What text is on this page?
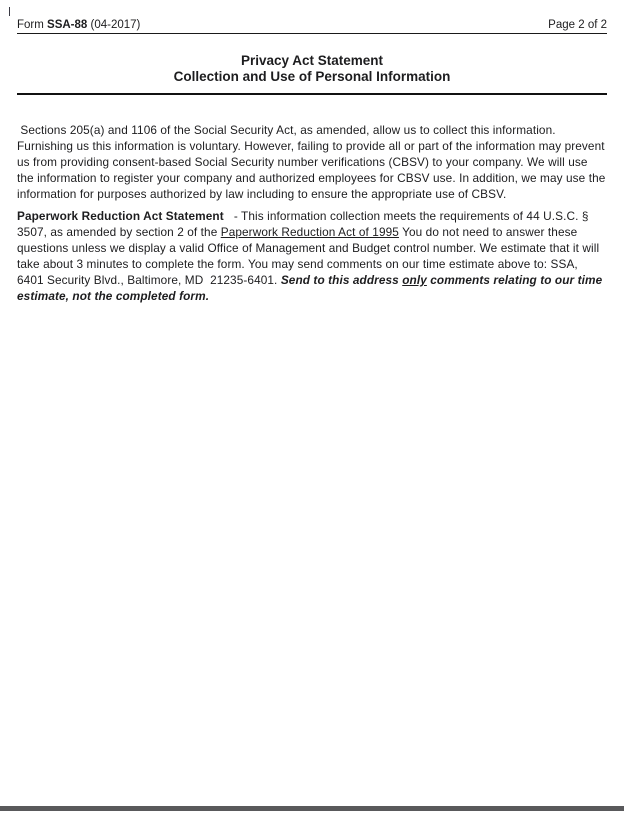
Form SSA-88 (04-2017)	Page 2 of 2
Privacy Act Statement
Collection and Use of Personal Information

Sections 205(a) and 1106 of the Social Security Act, as amended, allow us to collect this information. Furnishing us this information is voluntary. However, failing to provide all or part of the information may prevent us from providing consent-based Social Security number verifications (CBSV) to your company. We will use the information to register your company and authorized employees for CBSV use. In addition, we may use the information for purposes authorized by law including to ensure the appropriate use of CBSV.

Paperwork Reduction Act Statement   - This information collection meets the requirements of 44 U.S.C. § 3507, as amended by section 2 of the Paperwork Reduction Act of 1995 You do not need to answer these questions unless we display a valid Office of Management and Budget control number. We estimate that it will take about 3 minutes to complete the form. You may send comments on our time estimate above to: SSA, 6401 Security Blvd., Baltimore, MD  21235-6401. Send to this address only comments relating to our time estimate, not the completed form.
